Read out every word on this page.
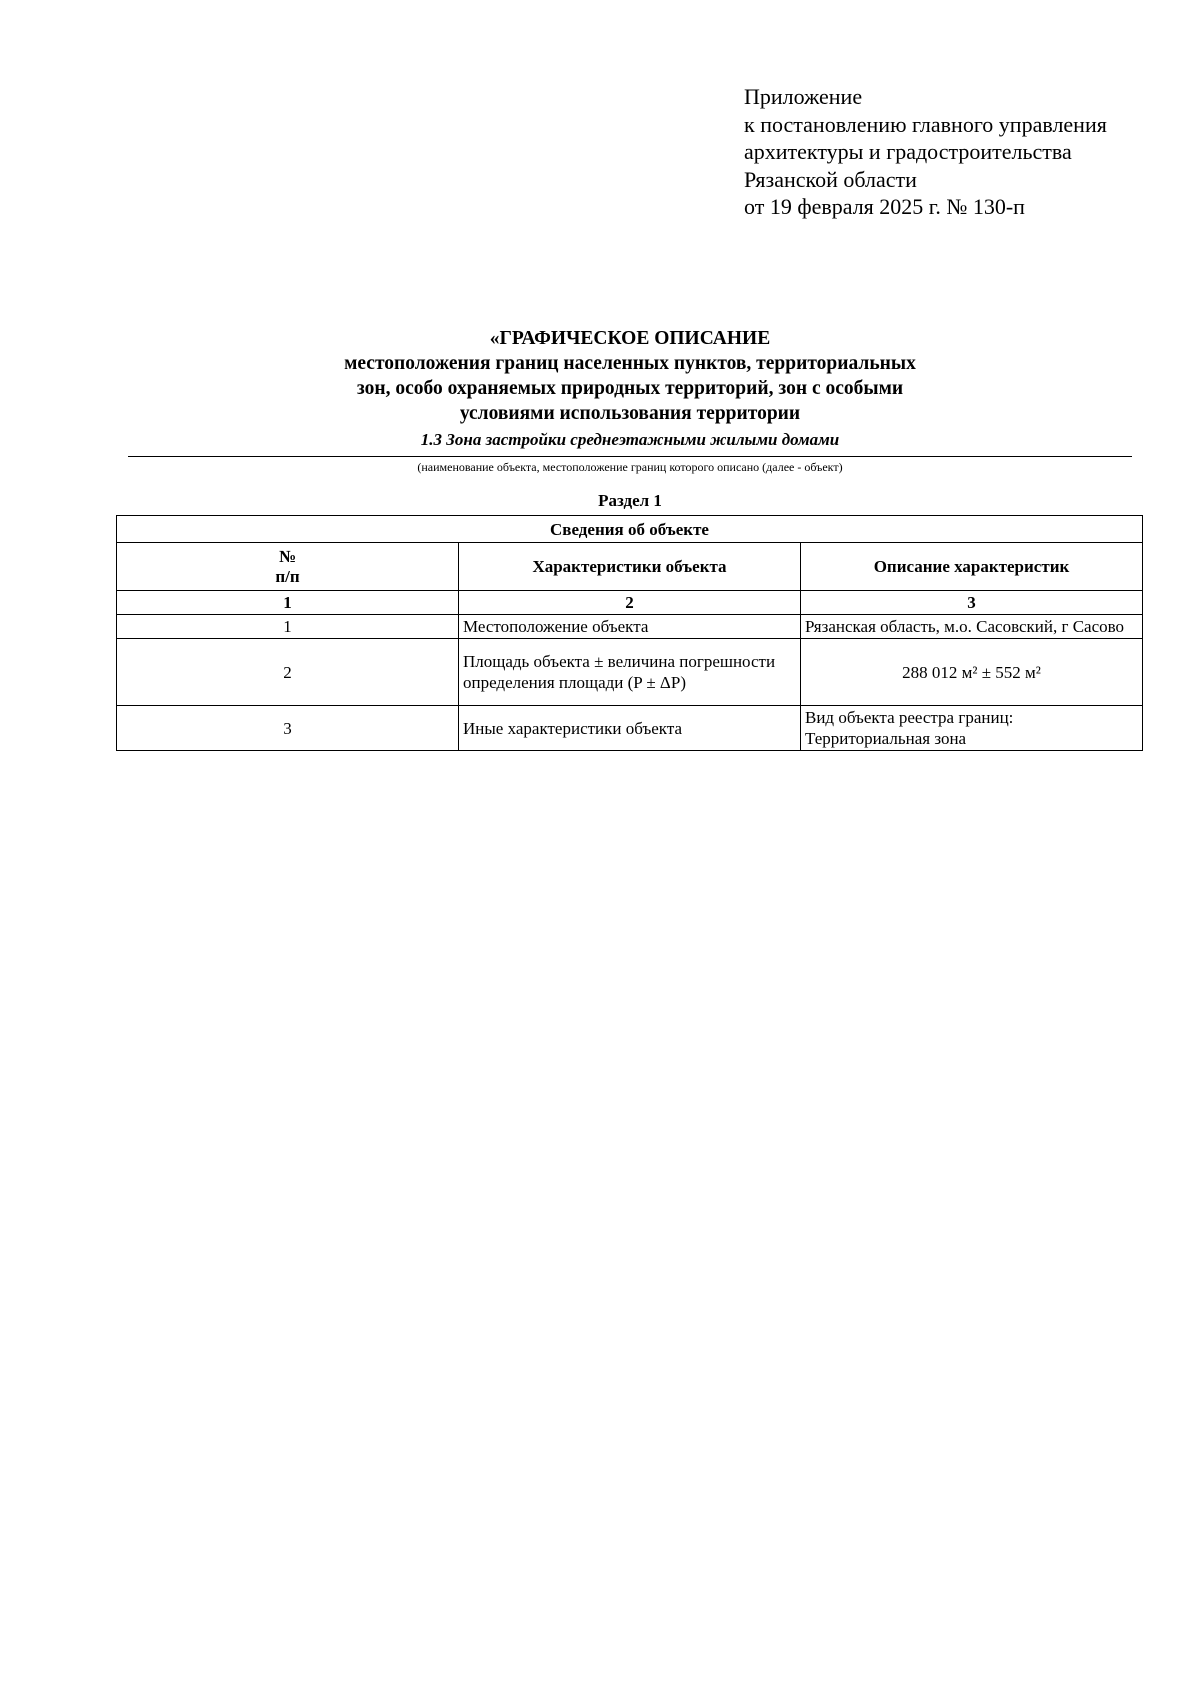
Приложение
к постановлению главного управления
архитектуры и градостроительства
Рязанской области
от 19 февраля 2025 г. № 130-п
«ГРАФИЧЕСКОЕ ОПИСАНИЕ
местоположения границ населенных пунктов, территориальных
зон, особо охраняемых природных территорий, зон с особыми
условиями использования территории
1.3 Зона застройки среднеэтажными жилыми домами
(наименование объекта, местоположение границ которого описано (далее - объект)
Раздел 1
Сведения об объекте		

№
п/п	Характеристики объекта	Описание характеристик
1	2	3
1	Местоположение объекта	Рязанская область, м.о. Сасовский, г Сасово
2	Площадь объекта ± величина погрешности определения площади (P ± ΔP)	288 012 м² ± 552 м²
3	Иные характеристики объекта	Вид объекта реестра границ: Территориальная зона
